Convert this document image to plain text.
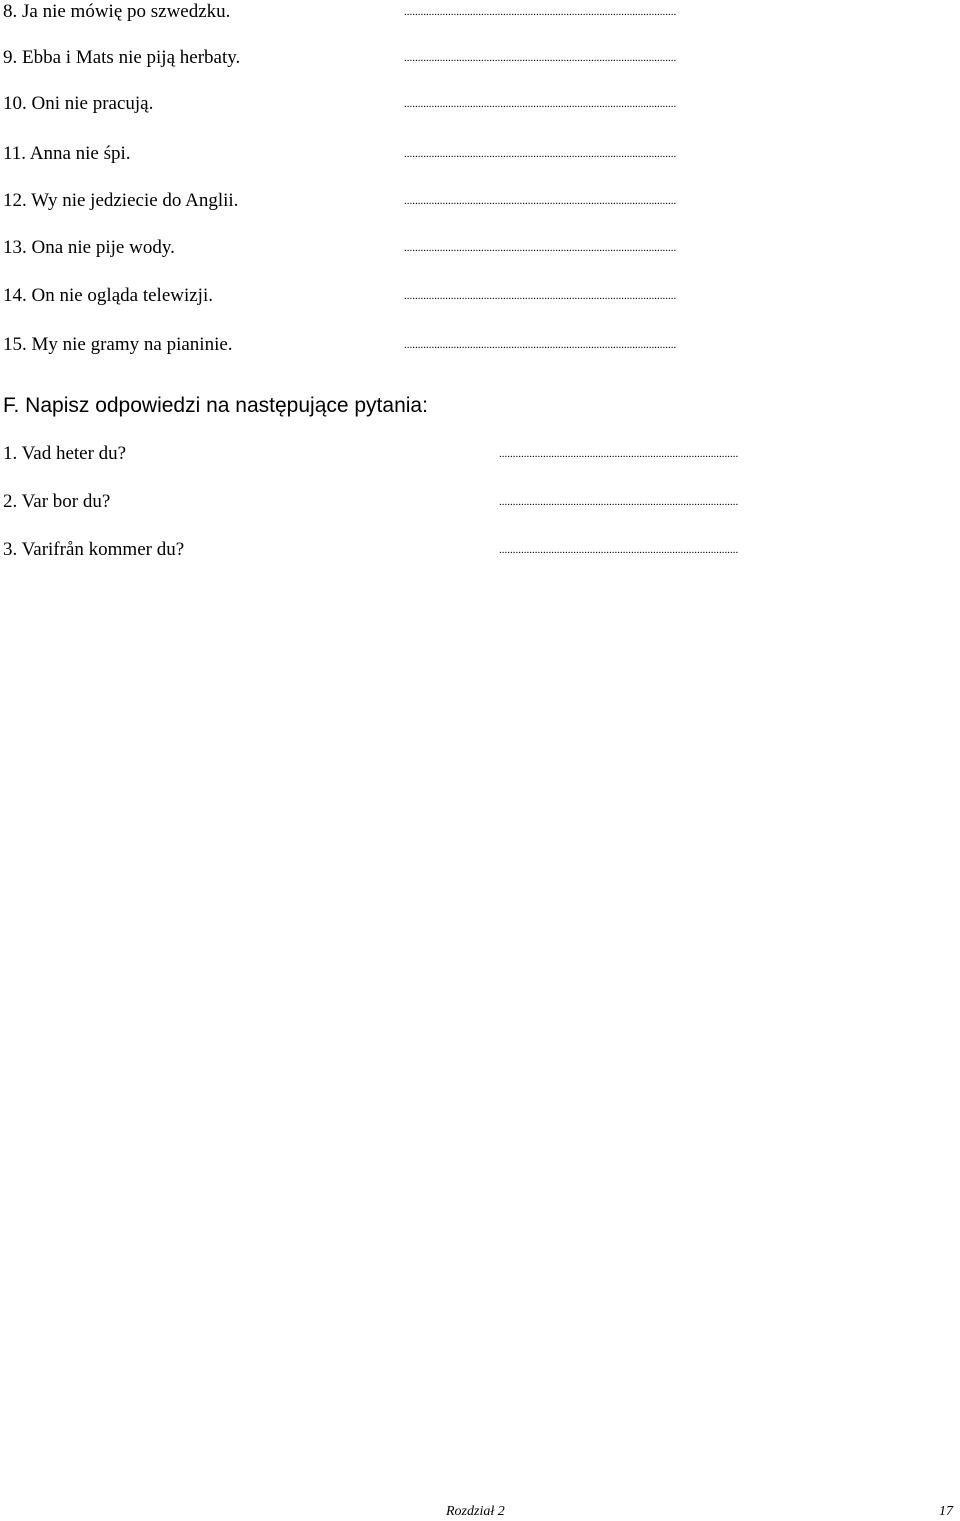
8. Ja nie mówię po szwedzku.	...................................................................................................
9. Ebba i Mats nie piją herbaty.	...................................................................................................
10. Oni nie pracują.	...................................................................................................
11. Anna nie śpi.	...................................................................................................
12. Wy nie jedziecie do Anglii.	...................................................................................................
13. Ona nie pije wody.	...................................................................................................
14. On nie ogląda telewizji.	...................................................................................................
15. My nie gramy na pianinie.	...................................................................................................
F. Napisz odpowiedzi na następujące pytania:
1. Vad heter du?	.......................................................................................
2. Var bor du?	.......................................................................................
3. Varifrån kommer du?	.......................................................................................
Rozdział 2	17
